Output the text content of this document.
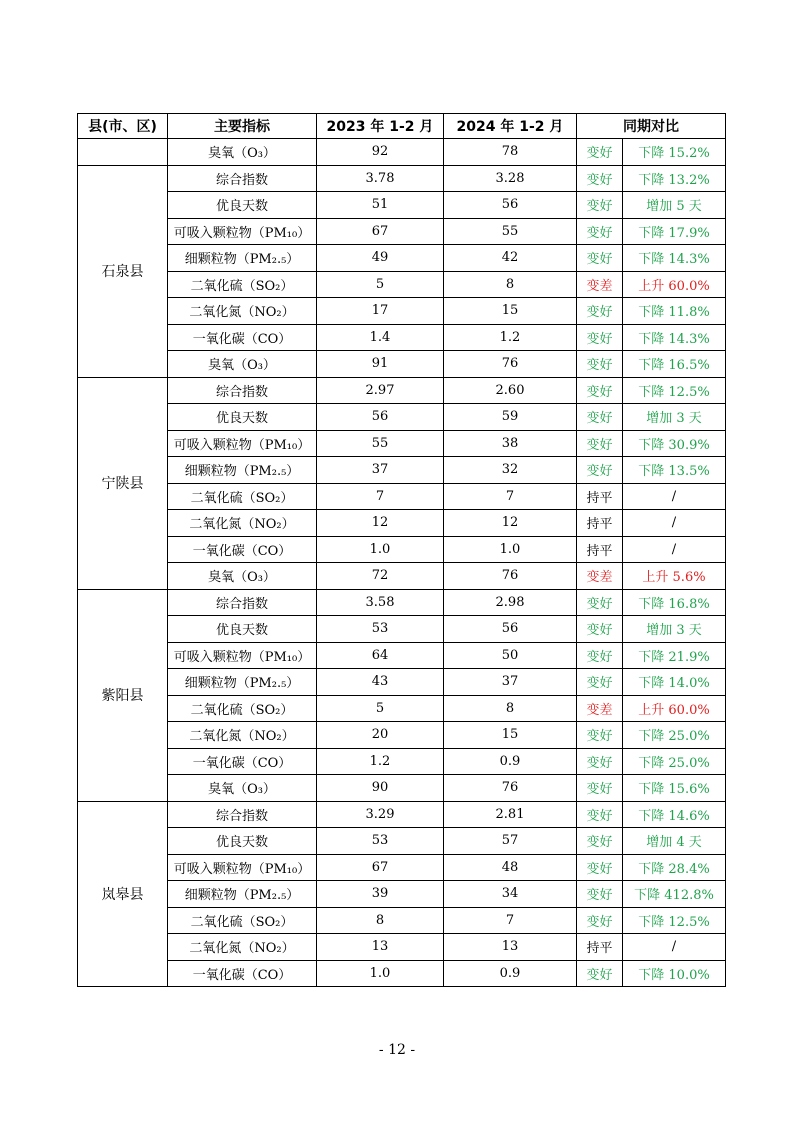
县(市、区)	主要指标	2023 年 1-2 月	2024 年 1-2 月	同期对比	
	臭氧（O₃）	92	78	变好	下降 15.2%
石泉县	综合指数	3.78	3.28	变好	下降 13.2%
	优良天数	51	56	变好	增加 5 天
	可吸入颗粒物（PM₁₀）	67	55	变好	下降 17.9%
	细颗粒物（PM₂.₅）	49	42	变好	下降 14.3%
	二氧化硫（SO₂）	5	8	变差	上升 60.0%
	二氧化氮（NO₂）	17	15	变好	下降 11.8%
	一氧化碳（CO）	1.4	1.2	变好	下降 14.3%
	臭氧（O₃）	91	76	变好	下降 16.5%
宁陕县	综合指数	2.97	2.60	变好	下降 12.5%
	优良天数	56	59	变好	增加 3 天
	可吸入颗粒物（PM₁₀）	55	38	变好	下降 30.9%
	细颗粒物（PM₂.₅）	37	32	变好	下降 13.5%
	二氧化硫（SO₂）	7	7	持平	/
	二氧化氮（NO₂）	12	12	持平	/
	一氧化碳（CO）	1.0	1.0	持平	/
	臭氧（O₃）	72	76	变差	上升 5.6%
紫阳县	综合指数	3.58	2.98	变好	下降 16.8%
	优良天数	53	56	变好	增加 3 天
	可吸入颗粒物（PM₁₀）	64	50	变好	下降 21.9%
	细颗粒物（PM₂.₅）	43	37	变好	下降 14.0%
	二氧化硫（SO₂）	5	8	变差	上升 60.0%
	二氧化氮（NO₂）	20	15	变好	下降 25.0%
	一氧化碳（CO）	1.2	0.9	变好	下降 25.0%
	臭氧（O₃）	90	76	变好	下降 15.6%
岚皋县	综合指数	3.29	2.81	变好	下降 14.6%
	优良天数	53	57	变好	增加 4 天
	可吸入颗粒物（PM₁₀）	67	48	变好	下降 28.4%
	细颗粒物（PM₂.₅）	39	34	变好	下降 412.8%
	二氧化硫（SO₂）	8	7	变好	下降 12.5%
	二氧化氮（NO₂）	13	13	持平	/
	一氧化碳（CO）	1.0	0.9	变好	下降 10.0%
- 12 -
